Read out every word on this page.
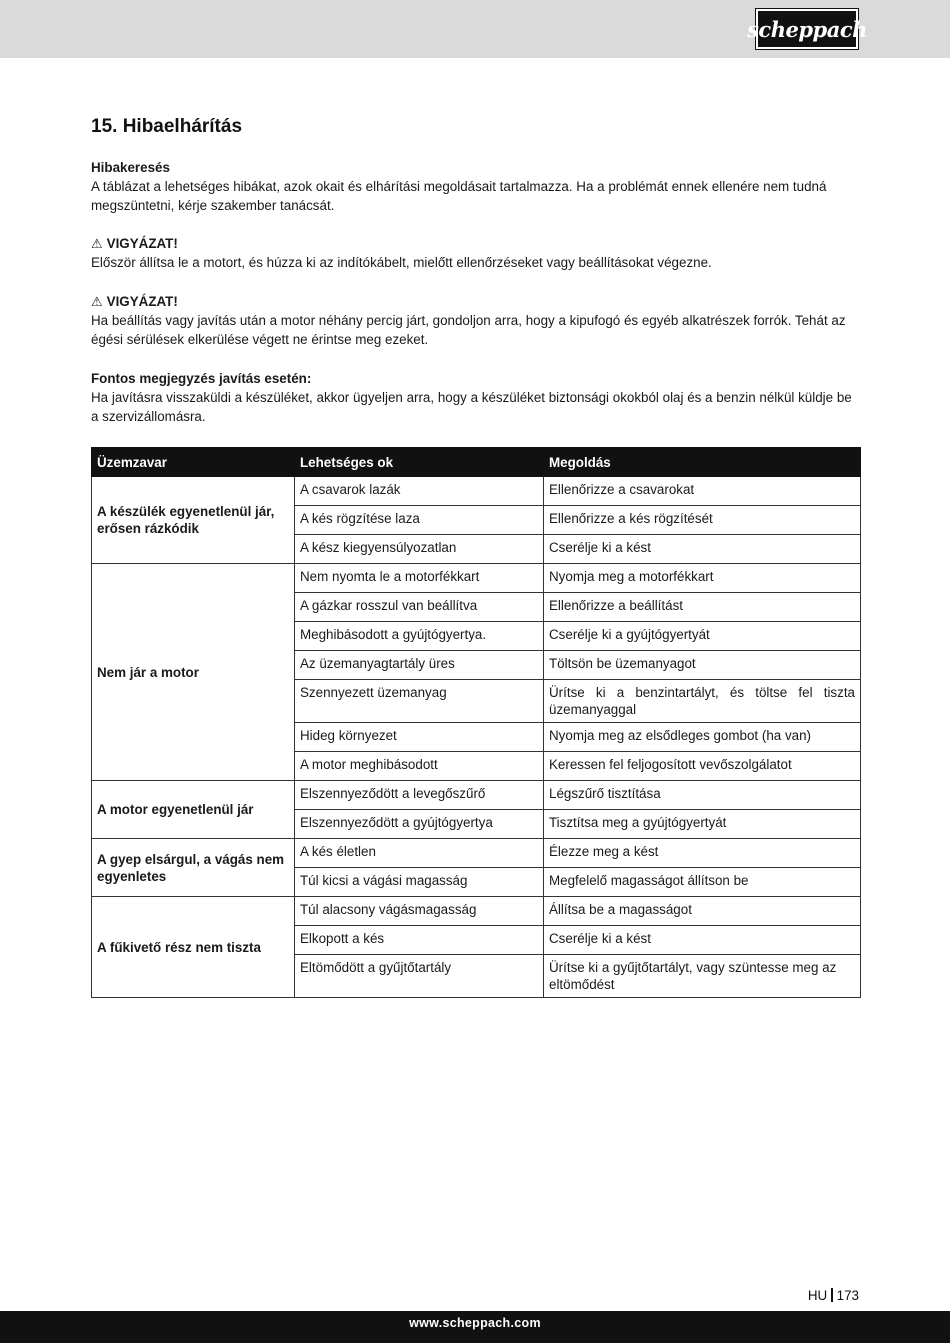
scheppach
15. Hibaelhárítás
Hibakeresés

A táblázat a lehetséges hibákat, azok okait és elhárítási megoldásait tartalmazza. Ha a problémát ennek ellenére nem tudná megszüntetni, kérje szakember tanácsát.

⚠ VIGYÁZAT!

Először állítsa le a motort, és húzza ki az indítókábelt, mielőtt ellenőrzéseket vagy beállításokat végezne.

⚠ VIGYÁZAT!

Ha beállítás vagy javítás után a motor néhány percig járt, gondoljon arra, hogy a kipufogó és egyéb alkatrészek forrók. Tehát az égési sérülések elkerülése végett ne érintse meg ezeket.

Fontos megjegyzés javítás esetén:

Ha javításra visszaküldi a készüléket, akkor ügyeljen arra, hogy a készüléket biztonsági okokból olaj és a benzin nélkül küldje be a szervizállomásra.

Üzemzavar	Lehetséges ok	Megoldás
A készülék egyenetlenül jár, erősen rázkódik	A csavarok lazák	Ellenőrizze a csavarokat
	A kés rögzítése laza	Ellenőrizze a kés rögzítését
	A kész kiegyensúlyozatlan	Cserélje ki a kést
Nem jár a motor	Nem nyomta le a motorfékkart	Nyomja meg a motorfékkart
	A gázkar rosszul van beállítva	Ellenőrizze a beállítást
	Meghibásodott a gyújtógyertya.	Cserélje ki a gyújtógyertyát
	Az üzemanyagtartály üres	Töltsön be üzemanyagot
	Szennyezett üzemanyag	Ürítse ki a benzintartályt, és töltse fel tiszta üzemanyaggal
	Hideg környezet	Nyomja meg az elsődleges gombot (ha van)
	A motor meghibásodott	Keressen fel feljogosított vevőszolgálatot
A motor egyenetlenül jár	Elszennyeződött a levegőszűrő	Légszűrő tisztítása
	Elszennyeződött a gyújtógyertya	Tisztítsa meg a gyújtógyertyát
A gyep elsárgul, a vágás nem egyenletes	A kés életlen	Élezze meg a kést
	Túl kicsi a vágási magasság	Megfelelő magasságot állítson be
A fűkivető rész nem tiszta	Túl alacsony vágásmagasság	Állítsa be a magasságot
	Elkopott a kés	Cserélje ki a kést
	Eltömődött a gyűjtőtartály	Ürítse ki a gyűjtőtartályt, vagy szüntesse meg az eltömődést
HU 173
www.scheppach.com
